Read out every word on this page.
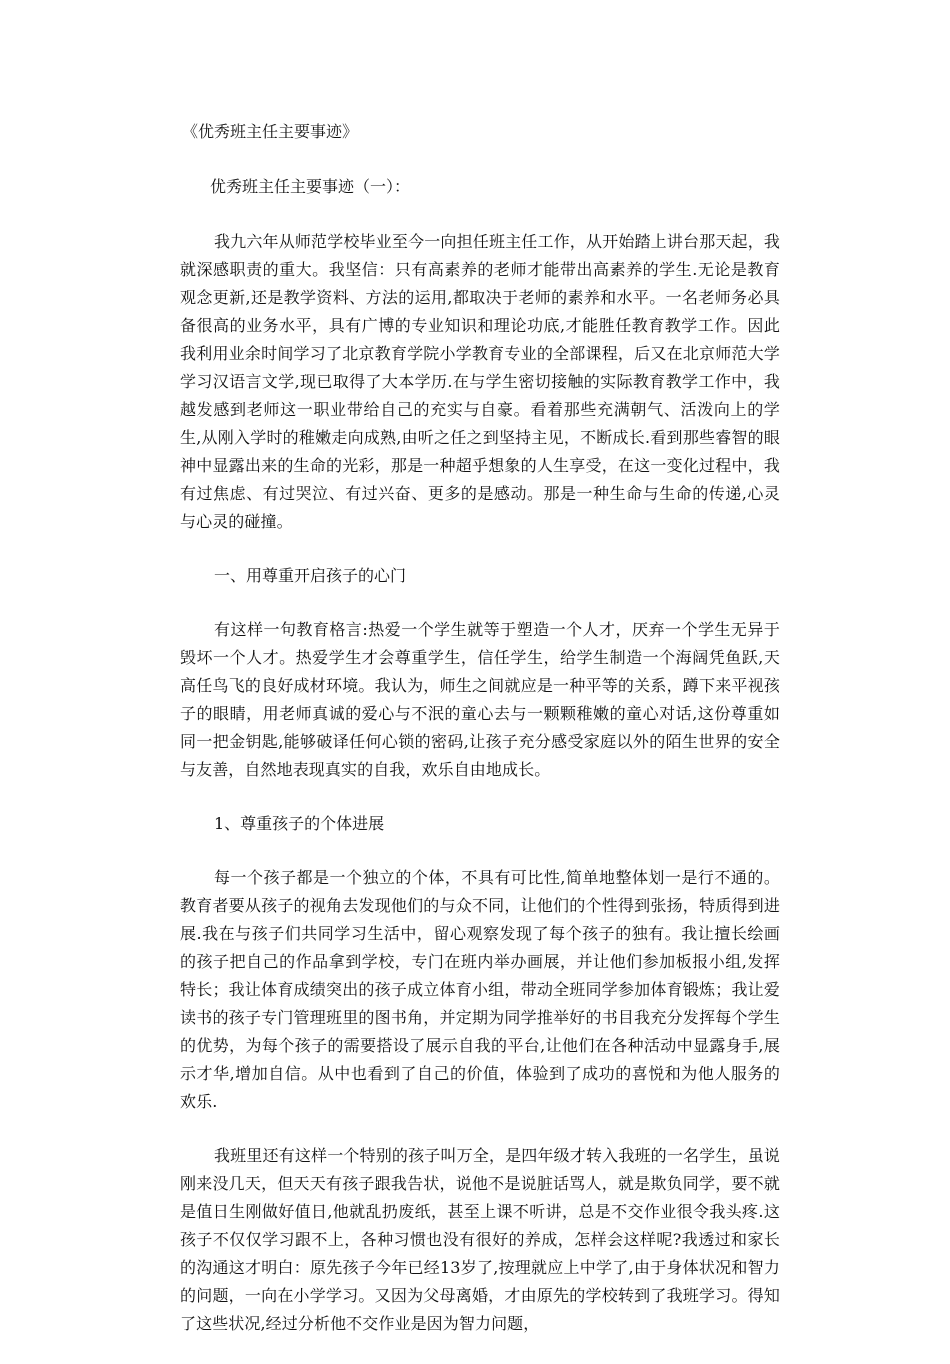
《优秀班主任主要事迹》
优秀班主任主要事迹（一）：

我九六年从师范学校毕业至今一向担任班主任工作，从开始踏上讲台那天起，我就深感职责的重大。我坚信：只有高素养的老师才能带出高素养的学生.无论是教育观念更新,还是教学资料、方法的运用,都取决于老师的素养和水平。一名老师务必具备很高的业务水平，具有广博的专业知识和理论功底,才能胜任教育教学工作。因此我利用业余时间学习了北京教育学院小学教育专业的全部课程，后又在北京师范大学学习汉语言文学,现已取得了大本学历.在与学生密切接触的实际教育教学工作中，我越发感到老师这一职业带给自己的充实与自豪。看着那些充满朝气、活泼向上的学生,从刚入学时的稚嫩走向成熟,由听之任之到坚持主见，不断成长.看到那些睿智的眼神中显露出来的生命的光彩，那是一种超乎想象的人生享受，在这一变化过程中，我有过焦虑、有过哭泣、有过兴奋、更多的是感动。那是一种生命与生命的传递,心灵与心灵的碰撞。

一、用尊重开启孩子的心门

有这样一句教育格言:热爱一个学生就等于塑造一个人才，厌弃一个学生无异于毁坏一个人才。热爱学生才会尊重学生，信任学生，给学生制造一个海阔凭鱼跃,天高任鸟飞的良好成材环境。我认为，师生之间就应是一种平等的关系，蹲下来平视孩子的眼睛，用老师真诚的爱心与不泯的童心去与一颗颗稚嫩的童心对话,这份尊重如同一把金钥匙,能够破译任何心锁的密码,让孩子充分感受家庭以外的陌生世界的安全与友善，自然地表现真实的自我，欢乐自由地成长。

1、尊重孩子的个体进展

每一个孩子都是一个独立的个体，不具有可比性,简单地整体划一是行不通的。教育者要从孩子的视角去发现他们的与众不同，让他们的个性得到张扬，特质得到进展.我在与孩子们共同学习生活中，留心观察发现了每个孩子的独有。我让擅长绘画的孩子把自己的作品拿到学校，专门在班内举办画展，并让他们参加板报小组,发挥特长；我让体育成绩突出的孩子成立体育小组，带动全班同学参加体育锻炼；我让爱读书的孩子专门管理班里的图书角，并定期为同学推举好的书目我充分发挥每个学生的优势，为每个孩子的需要搭设了展示自我的平台,让他们在各种活动中显露身手,展示才华,增加自信。从中也看到了自己的价值，体验到了成功的喜悦和为他人服务的欢乐.

我班里还有这样一个特别的孩子叫万全，是四年级才转入我班的一名学生，虽说刚来没几天，但天天有孩子跟我告状，说他不是说脏话骂人，就是欺负同学，要不就是值日生刚做好值日,他就乱扔废纸，甚至上课不听讲，总是不交作业很令我头疼.这孩子不仅仅学习跟不上，各种习惯也没有很好的养成，怎样会这样呢?我透过和家长的沟通这才明白：原先孩子今年已经13岁了,按理就应上中学了,由于身体状况和智力的问题，一向在小学学习。又因为父母离婚，才由原先的学校转到了我班学习。得知了这些状况,经过分析他不交作业是因为智力问题，
